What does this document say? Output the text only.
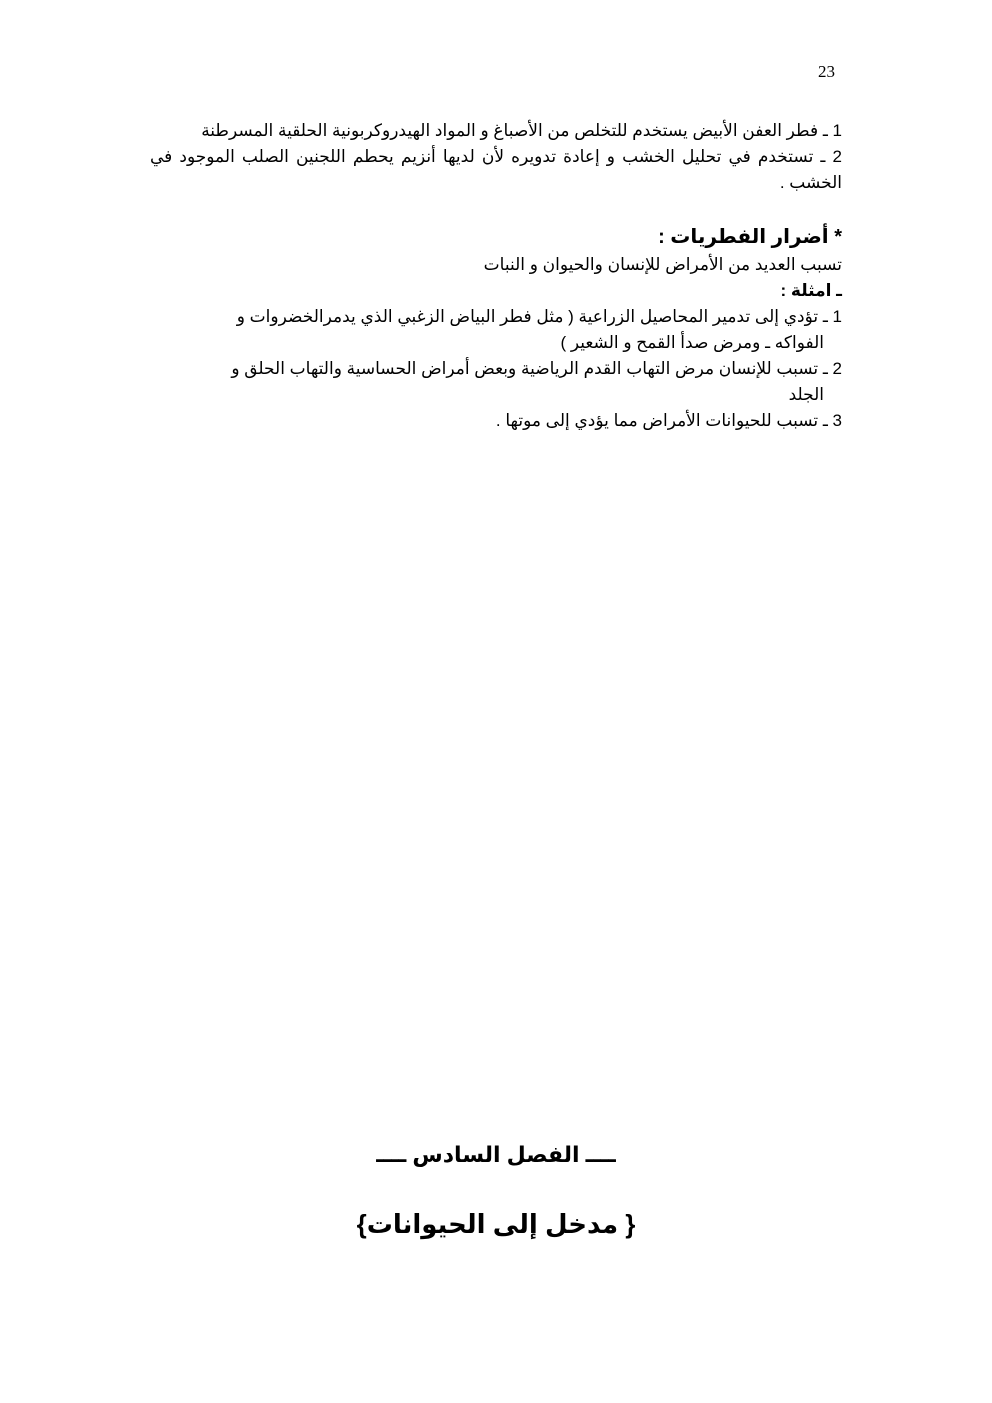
23

1 ـ فطر العفن الأبيض يستخدم للتخلص من الأصباغ و المواد الهيدروكربونية الحلقية المسرطنة

2 ـ تستخدم في تحليل الخشب و إعادة تدويره لأن لديها أنزيم يحطم اللجنين الصلب الموجود في الخشب .

* أضرار الفطريات :

تسبب العديد من الأمراض للإنسان والحيوان و النبات

ـ امثلة :

1 ـ تؤدي إلى تدمير المحاصيل الزراعية ( مثل فطر البياض الزغبي الذي يدمرالخضروات و
الفواكه ـ ومرض صدأ القمح و الشعير )
2 ـ تسبب للإنسان مرض التهاب القدم الرياضية وبعض أمراض الحساسية والتهاب الحلق و
الجلد
3 ـ تسبب للحيوانات الأمراض مما يؤدي إلى موتها .
ــــ الفصل السادس ــــ
{ مدخل إلى الحيوانات}
